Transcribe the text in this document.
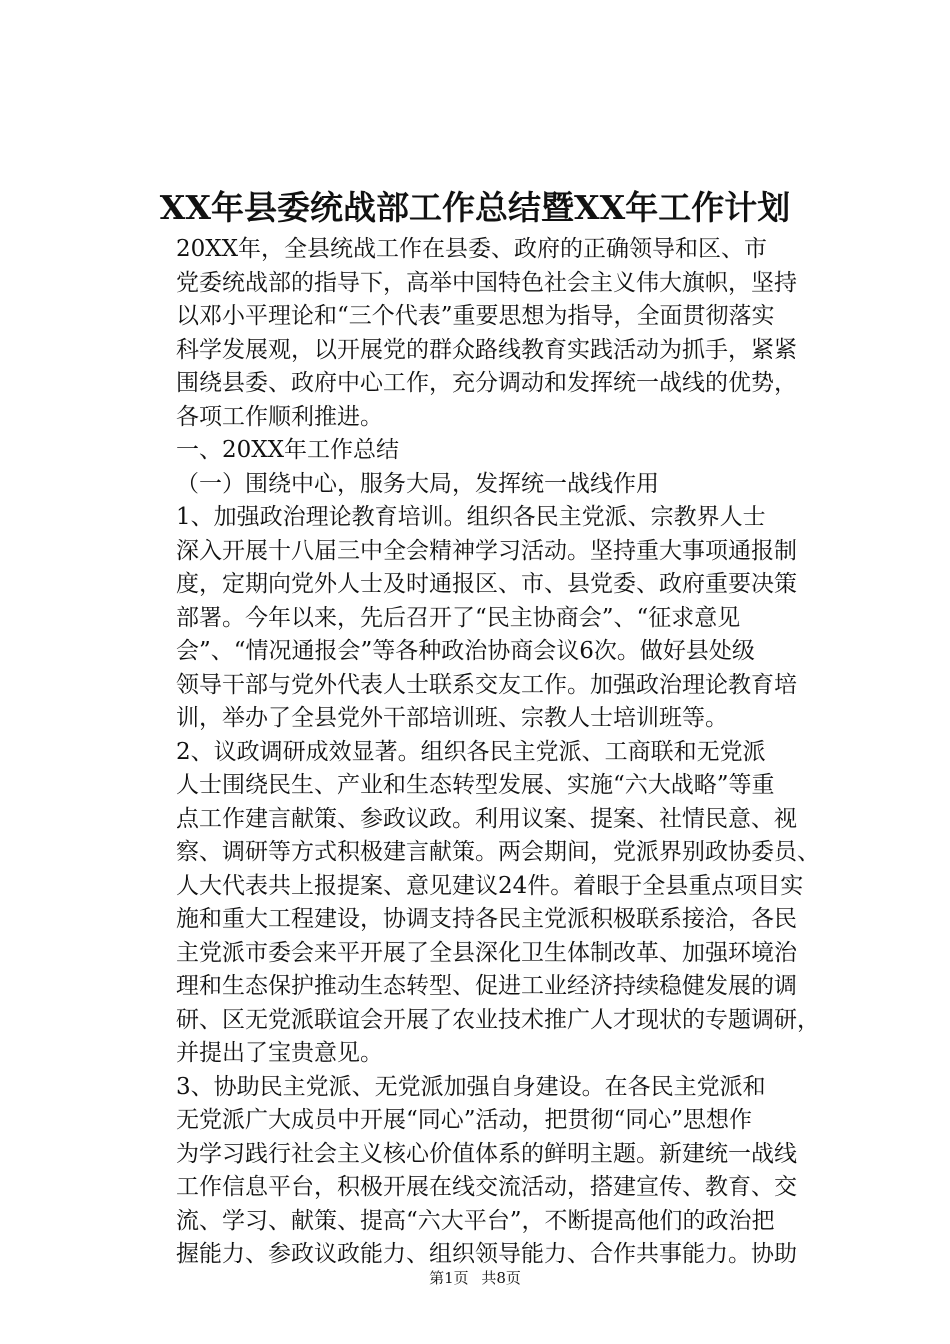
XX年县委统战部工作总结暨XX年工作计划

20XX年，全县统战工作在县委、政府的正确领导和区、市
党委统战部的指导下，高举中国特色社会主义伟大旗帜，坚持
以邓小平理论和“三个代表”重要思想为指导，全面贯彻落实
科学发展观，以开展党的群众路线教育实践活动为抓手，紧紧
围绕县委、政府中心工作，充分调动和发挥统一战线的优势，
各项工作顺利推进。

一、20XX年工作总结

（一）围绕中心，服务大局，发挥统一战线作用

1、加强政治理论教育培训。组织各民主党派、宗教界人士
深入开展十八届三中全会精神学习活动。坚持重大事项通报制
度，定期向党外人士及时通报区、市、县党委、政府重要决策
部署。今年以来，先后召开了“民主协商会”、“征求意见
会”、“情况通报会”等各种政治协商会议6次。做好县处级
领导干部与党外代表人士联系交友工作。加强政治理论教育培
训，举办了全县党外干部培训班、宗教人士培训班等。

2、议政调研成效显著。组织各民主党派、工商联和无党派
人士围绕民生、产业和生态转型发展、实施“六大战略”等重
点工作建言献策、参政议政。利用议案、提案、社情民意、视
察、调研等方式积极建言献策。两会期间，党派界别政协委员、
人大代表共上报提案、意见建议24件。着眼于全县重点项目实
施和重大工程建设，协调支持各民主党派积极联系接洽，各民
主党派市委会来平开展了全县深化卫生体制改革、加强环境治
理和生态保护推动生态转型、促进工业经济持续稳健发展的调
研、区无党派联谊会开展了农业技术推广人才现状的专题调研，
并提出了宝贵意见。

3、协助民主党派、无党派加强自身建设。在各民主党派和
无党派广大成员中开展“同心”活动，把贯彻“同心”思想作
为学习践行社会主义核心价值体系的鲜明主题。新建统一战线
工作信息平台，积极开展在线交流活动，搭建宣传、教育、交
流、学习、献策、提高“六大平台”，不断提高他们的政治把
握能力、参政议政能力、组织领导能力、合作共事能力。协助

第1页 共8页
